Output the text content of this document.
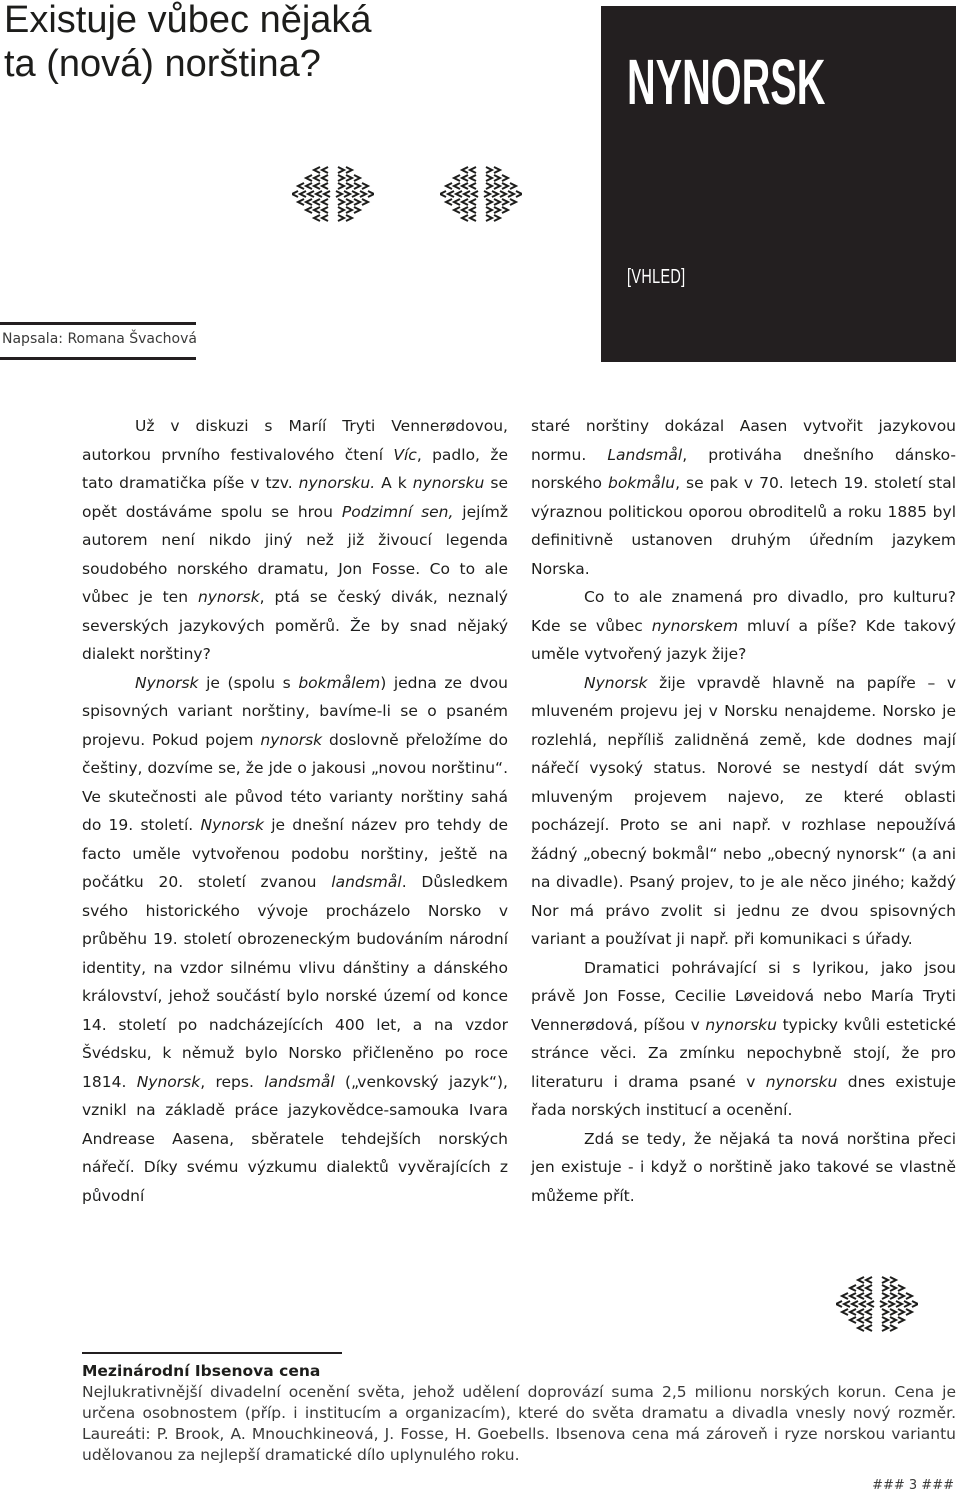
Existuje vůbec nějaká
ta (nová) norština?	NYNORSK
[VHLED]
Napsala: Romana Švachová

Už v diskuzi s Maríí Tryti Vennerødovou, autorkou prvního festivalového čtení Víc, padlo, že tato dramatička píše v tzv. nynorsku. A k nynorsku se opět dostáváme spolu se hrou Podzimní sen, jejímž autorem není nikdo jiný než již živoucí legenda soudobého norského dramatu, Jon Fosse. Co to ale vůbec je ten nynorsk, ptá se český divák, neznalý severských jazykových poměrů. Že by snad nějaký dialekt norštiny?

Nynorsk je (spolu s bokmålem) jedna ze dvou spisovných variant norštiny, bavíme-li se o psaném projevu. Pokud pojem nynorsk doslovně přeložíme do češtiny, dozvíme se, že jde o jakousi „novou norštinu“. Ve skutečnosti ale původ této varianty norštiny sahá do 19. století. Nynorsk je dnešní název pro tehdy de facto uměle vytvořenou podobu norštiny, ještě na počátku 20. století zvanou landsmål. Důsledkem svého historického vývoje procházelo Norsko v průběhu 19. století obrozeneckým budováním národní identity, na vzdor silnému vlivu dánštiny a dánského království, jehož součástí bylo norské území od konce 14. století po nadcházejících 400 let, a na vzdor Švédsku, k němuž bylo Norsko přičleněno po roce 1814. Nynorsk, reps. landsmål („venkovský jazyk“), vznikl na základě práce jazykovědce-samouka Ivara Andrease Aasena, sběratele tehdejších norských nářečí. Díky svému výzkumu dialektů vyvěrajících z původní

staré norštiny dokázal Aasen vytvořit jazykovou normu. Landsmål, protiváha dnešního dánsko-norského bokmålu, se pak v 70. letech 19. století stal výraznou politickou oporou obroditelů a roku 1885 byl definitivně ustanoven druhým úředním jazykem Norska.

Co to ale znamená pro divadlo, pro kulturu? Kde se vůbec nynorskem mluví a píše? Kde takový uměle vytvořený jazyk žije?

Nynorsk žije vpravdě hlavně na papíře – v mluveném projevu jej v Norsku nenajdeme. Norsko je rozlehlá, nepříliš zalidněná země, kde dodnes mají nářečí vysoký status. Norové se nestydí dát svým mluveným projevem najevo, ze které oblasti pocházejí. Proto se ani např. v rozhlase nepoužívá žádný „obecný bokmål“ nebo „obecný nynorsk“ (a ani na divadle). Psaný projev, to je ale něco jiného; každý Nor má právo zvolit si jednu ze dvou spisovných variant a používat ji např. při komunikaci s úřady.

Dramatici pohrávající si s lyrikou, jako jsou právě Jon Fosse, Cecilie Løveidová nebo María Tryti Vennerødová, píšou v nynorsku typicky kvůli estetické stránce věci. Za zmínku nepochybně stojí, že pro literaturu i drama psané v nynorsku dnes existuje řada norských institucí a ocenění.

Zdá se tedy, že nějaká ta nová norština přeci jen existuje - i když o norštině jako takové se vlastně můžeme přít.

Mezinárodní Ibsenova cena

Nejlukrativnější divadelní ocenění světa, jehož udělení doprovází suma 2,5 milionu norských korun. Cena je určena osobnostem (příp. i institucím a organizacím), které do světa dramatu a divadla vnesly nový rozměr. Laureáti: P. Brook, A. Mnouchkineová, J. Fosse, H. Goebells. Ibsenova cena má zároveň i ryze norskou variantu udělovanou za nejlepší dramatické dílo uplynulého roku.

### 3 ###
